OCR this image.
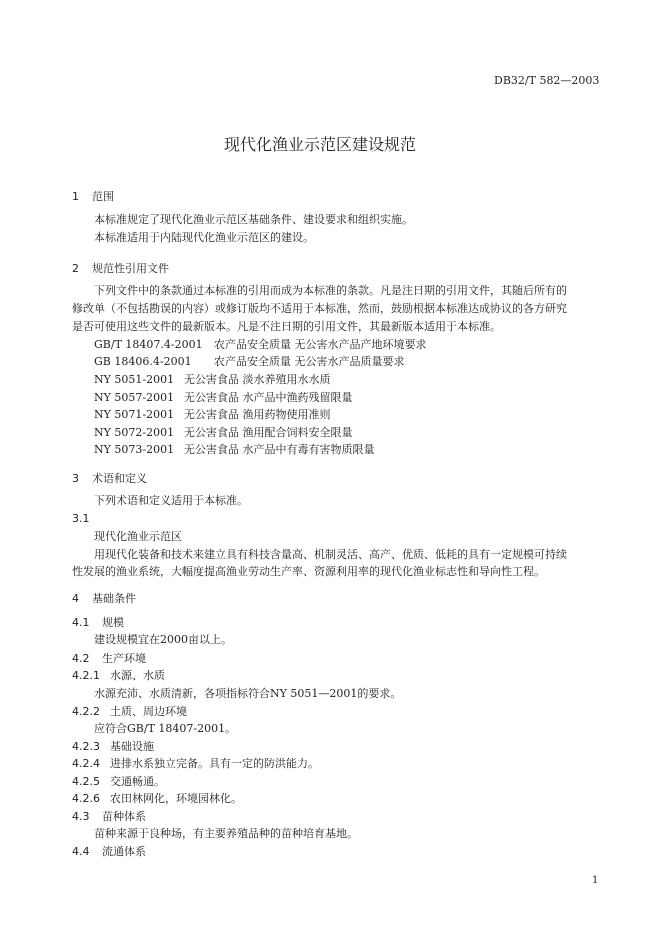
DB32/T 582—2003
现代化渔业示范区建设规范
1 范围
本标准规定了现代化渔业示范区基础条件、建设要求和组织实施。
本标准适用于内陆现代化渔业示范区的建设。
2 规范性引用文件
下列文件中的条款通过本标准的引用而成为本标准的条款。凡是注日期的引用文件，其随后所有的
修改单（不包括勘误的内容）或修订版均不适用于本标准，然而，鼓励根据本标准达成协议的各方研究
是否可使用这些文件的最新版本。凡是不注日期的引用文件，其最新版本适用于本标准。
GB/T 18407.4-2001 农产品安全质量 无公害水产品产地环境要求
GB 18406.4-2001 农产品安全质量 无公害水产品质量要求
NY 5051-2001 无公害食品 淡水养殖用水水质
NY 5057-2001 无公害食品 水产品中渔药残留限量
NY 5071-2001 无公害食品 渔用药物使用准则
NY 5072-2001 无公害食品 渔用配合饲料安全限量
NY 5073-2001 无公害食品 水产品中有毒有害物质限量
3 术语和定义
下列术语和定义适用于本标准。
3.1
现代化渔业示范区
用现代化装备和技术来建立具有科技含量高、机制灵活、高产、优质、低耗的具有一定规模可持续
性发展的渔业系统，大幅度提高渔业劳动生产率、资源利用率的现代化渔业标志性和导向性工程。
4 基础条件
4.1 规模
建设规模宜在2000亩以上。
4.2 生产环境
4.2.1 水源、水质
水源充沛、水质清新，各项指标符合NY 5051—2001的要求。
4.2.2 土质、周边环境
应符合GB/T 18407-2001。
4.2.3 基础设施
4.2.4 进排水系独立完备。具有一定的防洪能力。
4.2.5 交通畅通。
4.2.6 农田林网化，环境园林化。
4.3 苗种体系
苗种来源于良种场，有主要养殖品种的苗种培育基地。
4.4 流通体系
1
